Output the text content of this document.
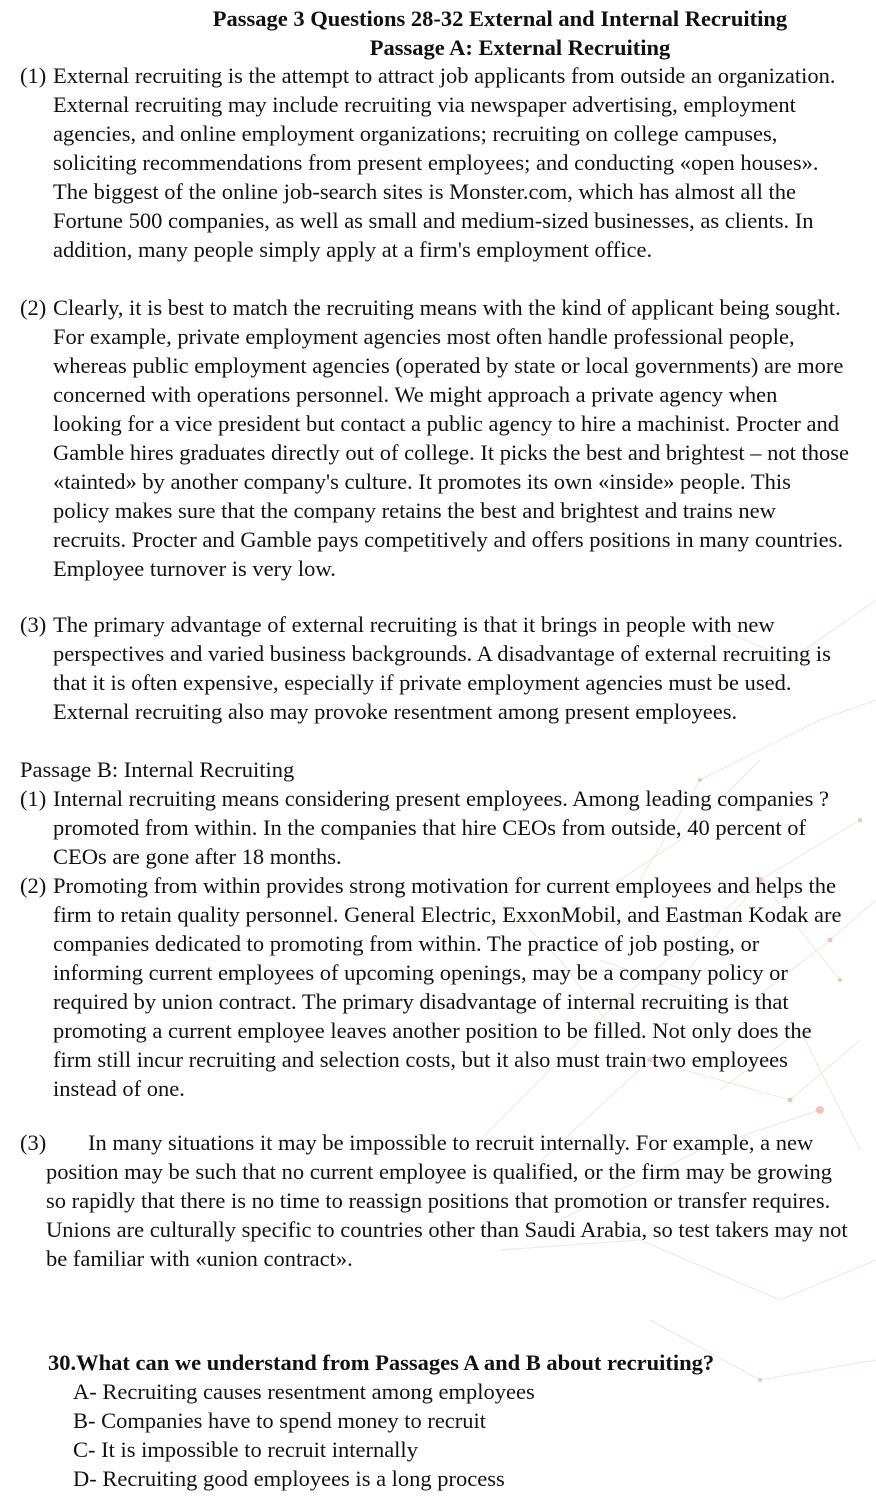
Passage 3 Questions 28-32 External and Internal Recruiting
Passage A: External Recruiting
(1) External recruiting is the attempt to attract job applicants from outside an organization. External recruiting may include recruiting via newspaper advertising, employment agencies, and online employment organizations; recruiting on college campuses, soliciting recommendations from present employees; and conducting «open houses». The biggest of the online job-search sites is Monster.com, which has almost all the Fortune 500 companies, as well as small and medium-sized businesses, as clients. In addition, many people simply apply at a firm's employment office.
(2) Clearly, it is best to match the recruiting means with the kind of applicant being sought. For example, private employment agencies most often handle professional people, whereas public employment agencies (operated by state or local governments) are more concerned with operations personnel. We might approach a private agency when looking for a vice president but contact a public agency to hire a machinist. Procter and Gamble hires graduates directly out of college. It picks the best and brightest – not those «tainted» by another company's culture. It promotes its own «inside» people. This policy makes sure that the company retains the best and brightest and trains new recruits. Procter and Gamble pays competitively and offers positions in many countries. Employee turnover is very low.
(3) The primary advantage of external recruiting is that it brings in people with new perspectives and varied business backgrounds. A disadvantage of external recruiting is that it is often expensive, especially if private employment agencies must be used. External recruiting also may provoke resentment among present employees.
Passage B: Internal Recruiting
(1) Internal recruiting means considering present employees. Among leading companies ? promoted from within. In the companies that hire CEOs from outside, 40 percent of CEOs are gone after 18 months.
(2) Promoting from within provides strong motivation for current employees and helps the firm to retain quality personnel. General Electric, ExxonMobil, and Eastman Kodak are companies dedicated to promoting from within. The practice of job posting, or informing current employees of upcoming openings, may be a company policy or required by union contract. The primary disadvantage of internal recruiting is that promoting a current employee leaves another position to be filled. Not only does the firm still incur recruiting and selection costs, but it also must train two employees instead of one.
(3)	In many situations it may be impossible to recruit internally. For example, a new position may be such that no current employee is qualified, or the firm may be growing so rapidly that there is no time to reassign positions that promotion or transfer requires. Unions are culturally specific to countries other than Saudi Arabia, so test takers may not be familiar with «union contract».

30.What can we understand from Passages A and B about recruiting?

A- Recruiting causes resentment among employees
B- Companies have to spend money to recruit
C- It is impossible to recruit internally
D- Recruiting good employees is a long process
